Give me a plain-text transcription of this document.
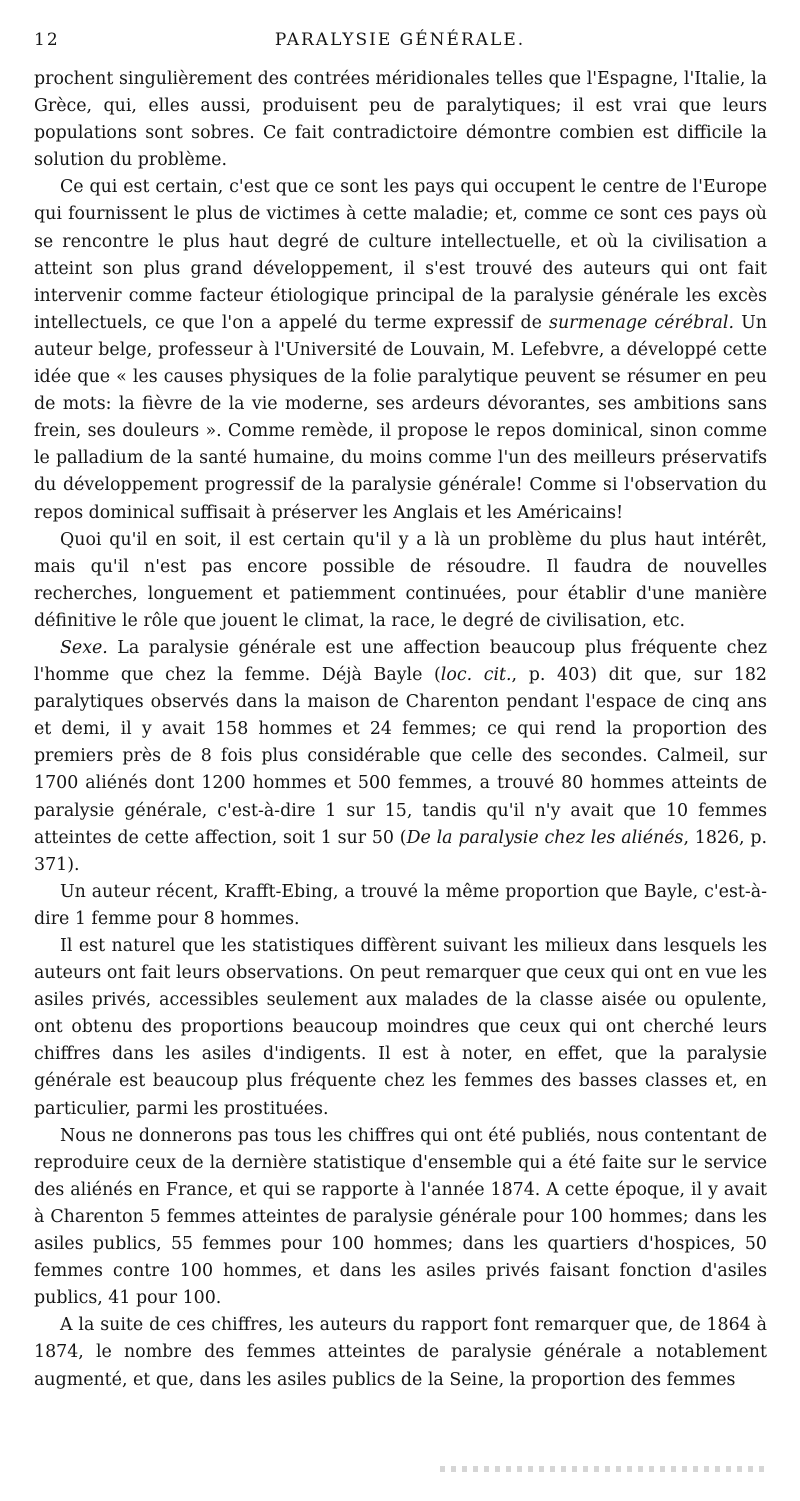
12	PARALYSIE GÉNÉRALE.

prochent singulièrement des contrées méridionales telles que l'Espagne, l'Italie, la Grèce, qui, elles aussi, produisent peu de paralytiques; il est vrai que leurs populations sont sobres. Ce fait contradictoire démontre combien est difficile la solution du problème.

Ce qui est certain, c'est que ce sont les pays qui occupent le centre de l'Europe qui fournissent le plus de victimes à cette maladie; et, comme ce sont ces pays où se rencontre le plus haut degré de culture intellectuelle, et où la civilisation a atteint son plus grand développement, il s'est trouvé des auteurs qui ont fait intervenir comme facteur étiologique principal de la paralysie générale les excès intellectuels, ce que l'on a appelé du terme expressif de surmenage cérébral. Un auteur belge, professeur à l'Université de Louvain, M. Lefebvre, a développé cette idée que « les causes physiques de la folie paralytique peuvent se résumer en peu de mots: la fièvre de la vie moderne, ses ardeurs dévorantes, ses ambitions sans frein, ses douleurs ». Comme remède, il propose le repos dominical, sinon comme le palladium de la santé humaine, du moins comme l'un des meilleurs préservatifs du développement progressif de la paralysie générale! Comme si l'observation du repos dominical suffisait à préserver les Anglais et les Américains!

Quoi qu'il en soit, il est certain qu'il y a là un problème du plus haut intérêt, mais qu'il n'est pas encore possible de résoudre. Il faudra de nouvelles recherches, longuement et patiemment continuées, pour établir d'une manière définitive le rôle que jouent le climat, la race, le degré de civilisation, etc.

Sexe. La paralysie générale est une affection beaucoup plus fréquente chez l'homme que chez la femme. Déjà Bayle (loc. cit., p. 403) dit que, sur 182 paralytiques observés dans la maison de Charenton pendant l'espace de cinq ans et demi, il y avait 158 hommes et 24 femmes; ce qui rend la proportion des premiers près de 8 fois plus considérable que celle des secondes. Calmeil, sur 1700 aliénés dont 1200 hommes et 500 femmes, a trouvé 80 hommes atteints de paralysie générale, c'est-à-dire 1 sur 15, tandis qu'il n'y avait que 10 femmes atteintes de cette affection, soit 1 sur 50 (De la paralysie chez les aliénés, 1826, p. 371).

Un auteur récent, Krafft-Ebing, a trouvé la même proportion que Bayle, c'est-à-dire 1 femme pour 8 hommes.

Il est naturel que les statistiques diffèrent suivant les milieux dans lesquels les auteurs ont fait leurs observations. On peut remarquer que ceux qui ont en vue les asiles privés, accessibles seulement aux malades de la classe aisée ou opulente, ont obtenu des proportions beaucoup moindres que ceux qui ont cherché leurs chiffres dans les asiles d'indigents. Il est à noter, en effet, que la paralysie générale est beaucoup plus fréquente chez les femmes des basses classes et, en particulier, parmi les prostituées.

Nous ne donnerons pas tous les chiffres qui ont été publiés, nous contentant de reproduire ceux de la dernière statistique d'ensemble qui a été faite sur le service des aliénés en France, et qui se rapporte à l'année 1874. A cette époque, il y avait à Charenton 5 femmes atteintes de paralysie générale pour 100 hommes; dans les asiles publics, 55 femmes pour 100 hommes; dans les quartiers d'hospices, 50 femmes contre 100 hommes, et dans les asiles privés faisant fonction d'asiles publics, 41 pour 100.

A la suite de ces chiffres, les auteurs du rapport font remarquer que, de 1864 à 1874, le nombre des femmes atteintes de paralysie générale a notablement augmenté, et que, dans les asiles publics de la Seine, la proportion des femmes
